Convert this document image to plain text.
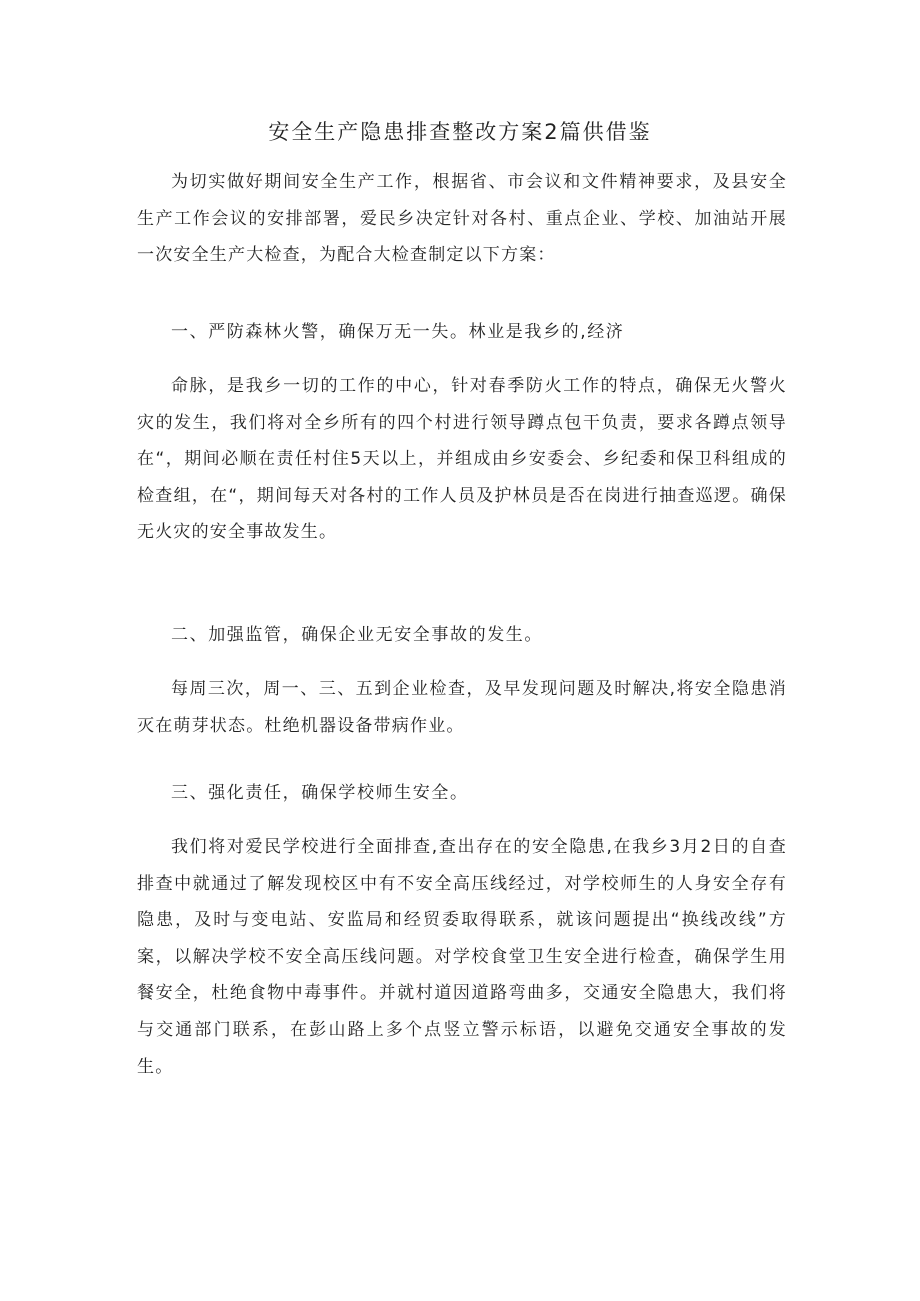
安全生产隐患排查整改方案2篇供借鉴

为切实做好期间安全生产工作，根据省、市会议和文件精神要求，及县安全生产工作会议的安排部署，爱民乡决定针对各村、重点企业、学校、加油站开展一次安全生产大检查，为配合大检查制定以下方案：

一、严防森林火警，确保万无一失。林业是我乡的,经济

命脉，是我乡一切的工作的中心，针对春季防火工作的特点，确保无火警火灾的发生，我们将对全乡所有的四个村进行领导蹲点包干负责，要求各蹲点领导在“，期间必顺在责任村住5天以上，并组成由乡安委会、乡纪委和保卫科组成的检查组，在“，期间每天对各村的工作人员及护林员是否在岗进行抽查巡逻。确保无火灾的安全事故发生。

二、加强监管，确保企业无安全事故的发生。

每周三次，周一、三、五到企业检查，及早发现问题及时解决,将安全隐患消灭在萌芽状态。杜绝机器设备带病作业。

三、强化责任，确保学校师生安全。

我们将对爱民学校进行全面排查,查出存在的安全隐患,在我乡3月2日的自查排查中就通过了解发现校区中有不安全高压线经过，对学校师生的人身安全存有隐患，及时与变电站、安监局和经贸委取得联系，就该问题提出“换线改线”方案，以解决学校不安全高压线问题。对学校食堂卫生安全进行检查，确保学生用餐安全，杜绝食物中毒事件。并就村道因道路弯曲多，交通安全隐患大，我们将与交通部门联系，在彭山路上多个点竖立警示标语，以避免交通安全事故的发生。
